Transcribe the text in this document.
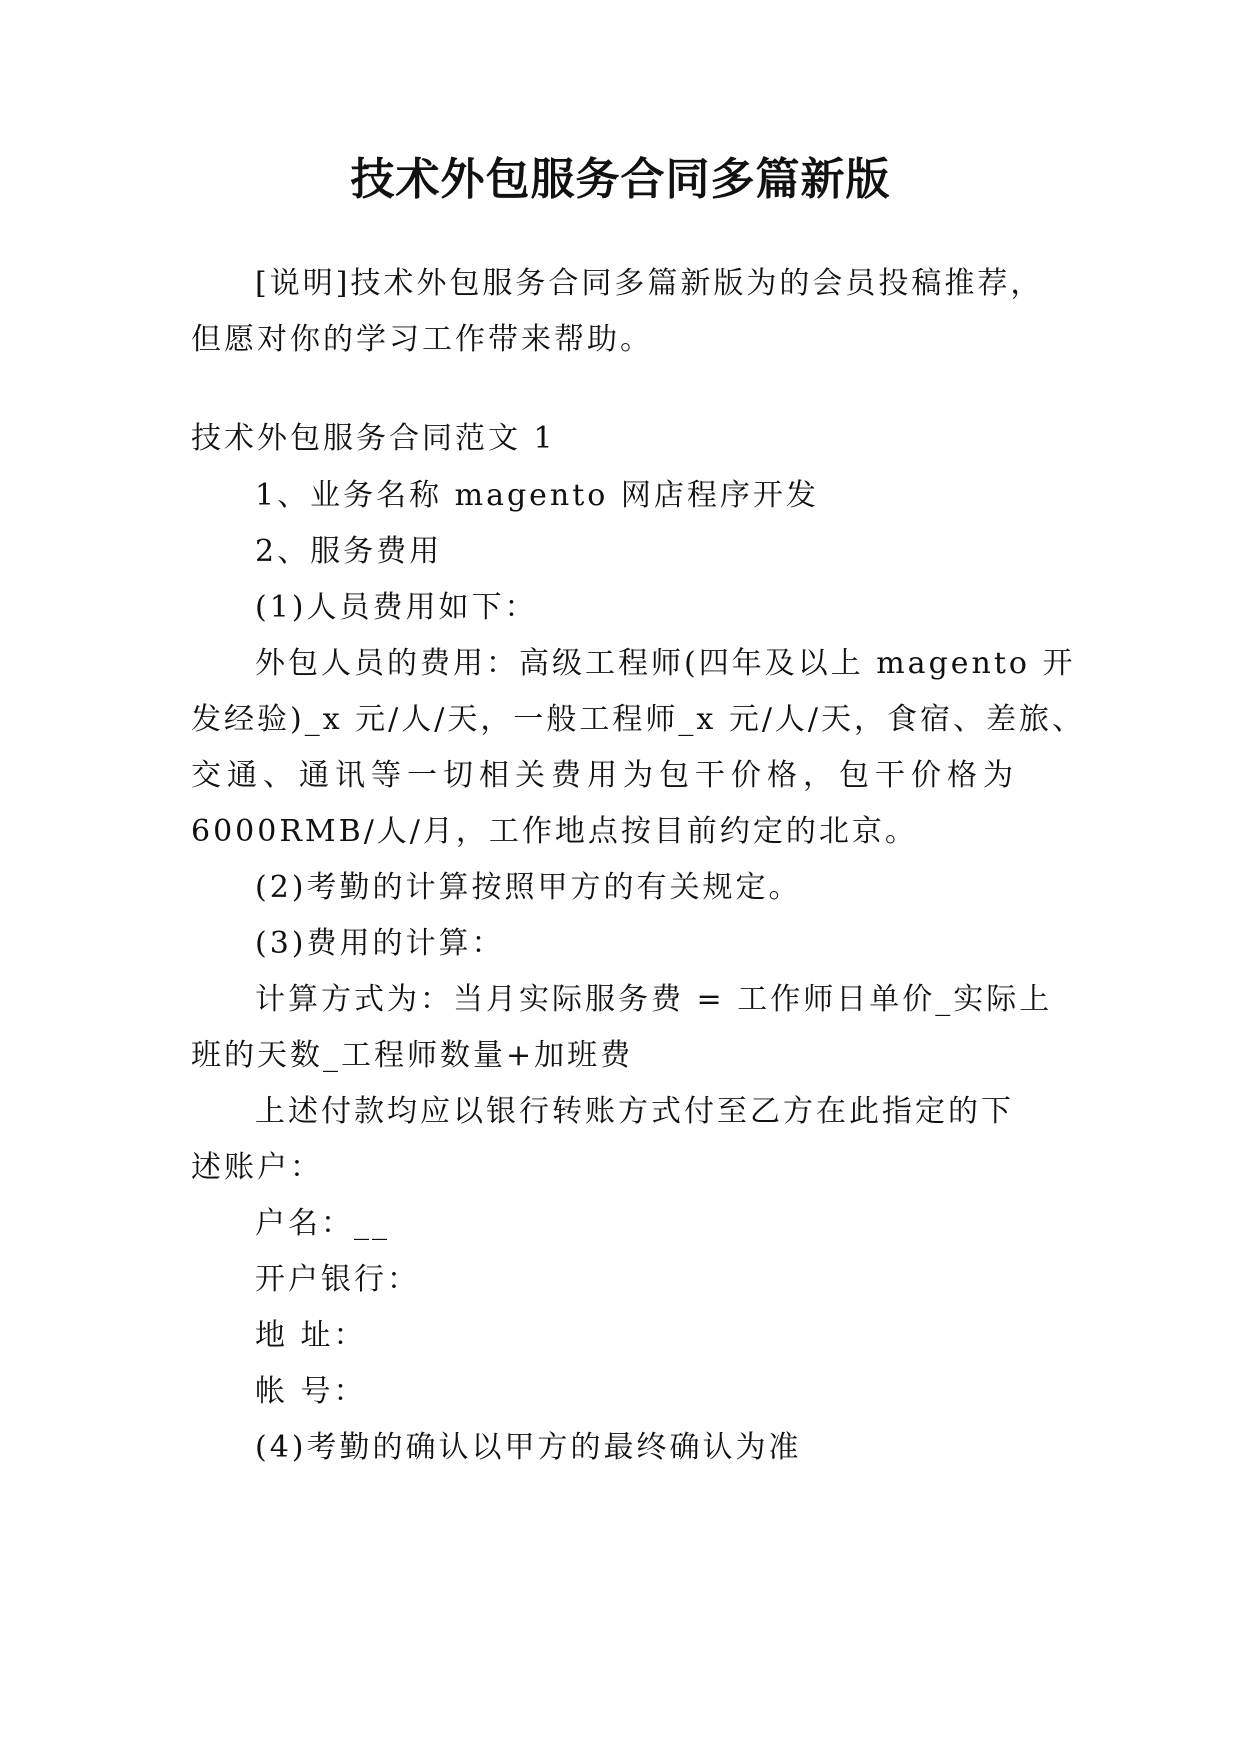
技术外包服务合同多篇新版
[说明]技术外包服务合同多篇新版为的会员投稿推荐，
但愿对你的学习工作带来帮助。
技术外包服务合同范文 1
1、业务名称 magento 网店程序开发
2、服务费用
(1)人员费用如下：
外包人员的费用：高级工程师(四年及以上 magento 开
发经验)_x 元/人/天，一般工程师_x 元/人/天，食宿、差旅、
交通、通讯等一切相关费用为包干价格，包干价格为
6000RMB/人/月，工作地点按目前约定的北京。
(2)考勤的计算按照甲方的有关规定。
(3)费用的计算：
计算方式为：当月实际服务费 = 工作师日单价_实际上
班的天数_工程师数量+加班费
上述付款均应以银行转账方式付至乙方在此指定的下
述账户：
户名：__
开户银行：
地 址：
帐 号：
(4)考勤的确认以甲方的最终确认为准
